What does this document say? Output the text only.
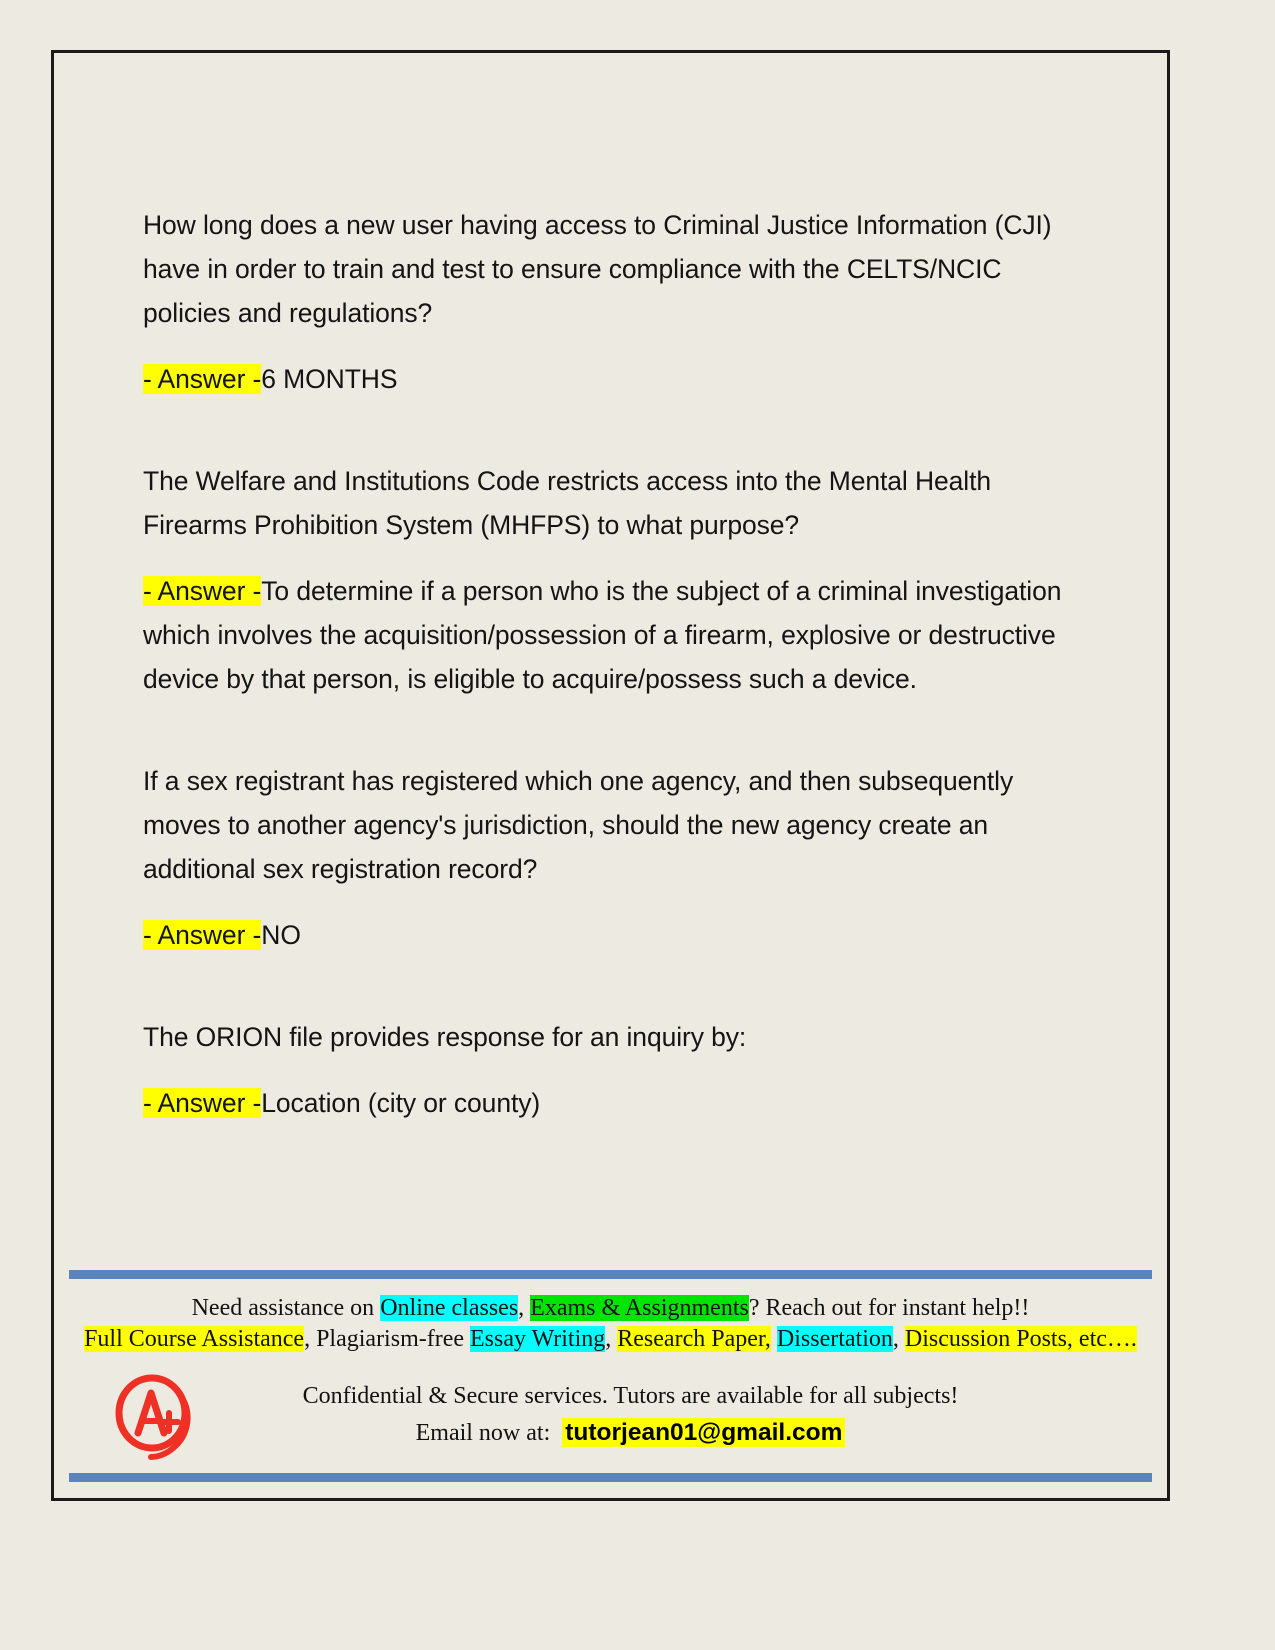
How long does a new user having access to Criminal Justice Information (CJI) have in order to train and test to ensure compliance with the CELTS/NCIC policies and regulations?

- Answer -6 MONTHS

The Welfare and Institutions Code restricts access into the Mental Health Firearms Prohibition System (MHFPS) to what purpose?

- Answer -To determine if a person who is the subject of a criminal investigation which involves the acquisition/possession of a firearm, explosive or destructive device by that person, is eligible to acquire/possess such a device.

If a sex registrant has registered which one agency, and then subsequently moves to another agency's jurisdiction, should the new agency create an additional sex registration record?

- Answer -NO

The ORION file provides response for an inquiry by:

- Answer -Location (city or county)

Need assistance on Online classes, Exams & Assignments? Reach out for instant help!!
Full Course Assistance, Plagiarism-free Essay Writing, Research Paper, Dissertation, Discussion Posts, etc….
Confidential & Secure services. Tutors are available for all subjects!
Email now at: tutorjean01@gmail.com
